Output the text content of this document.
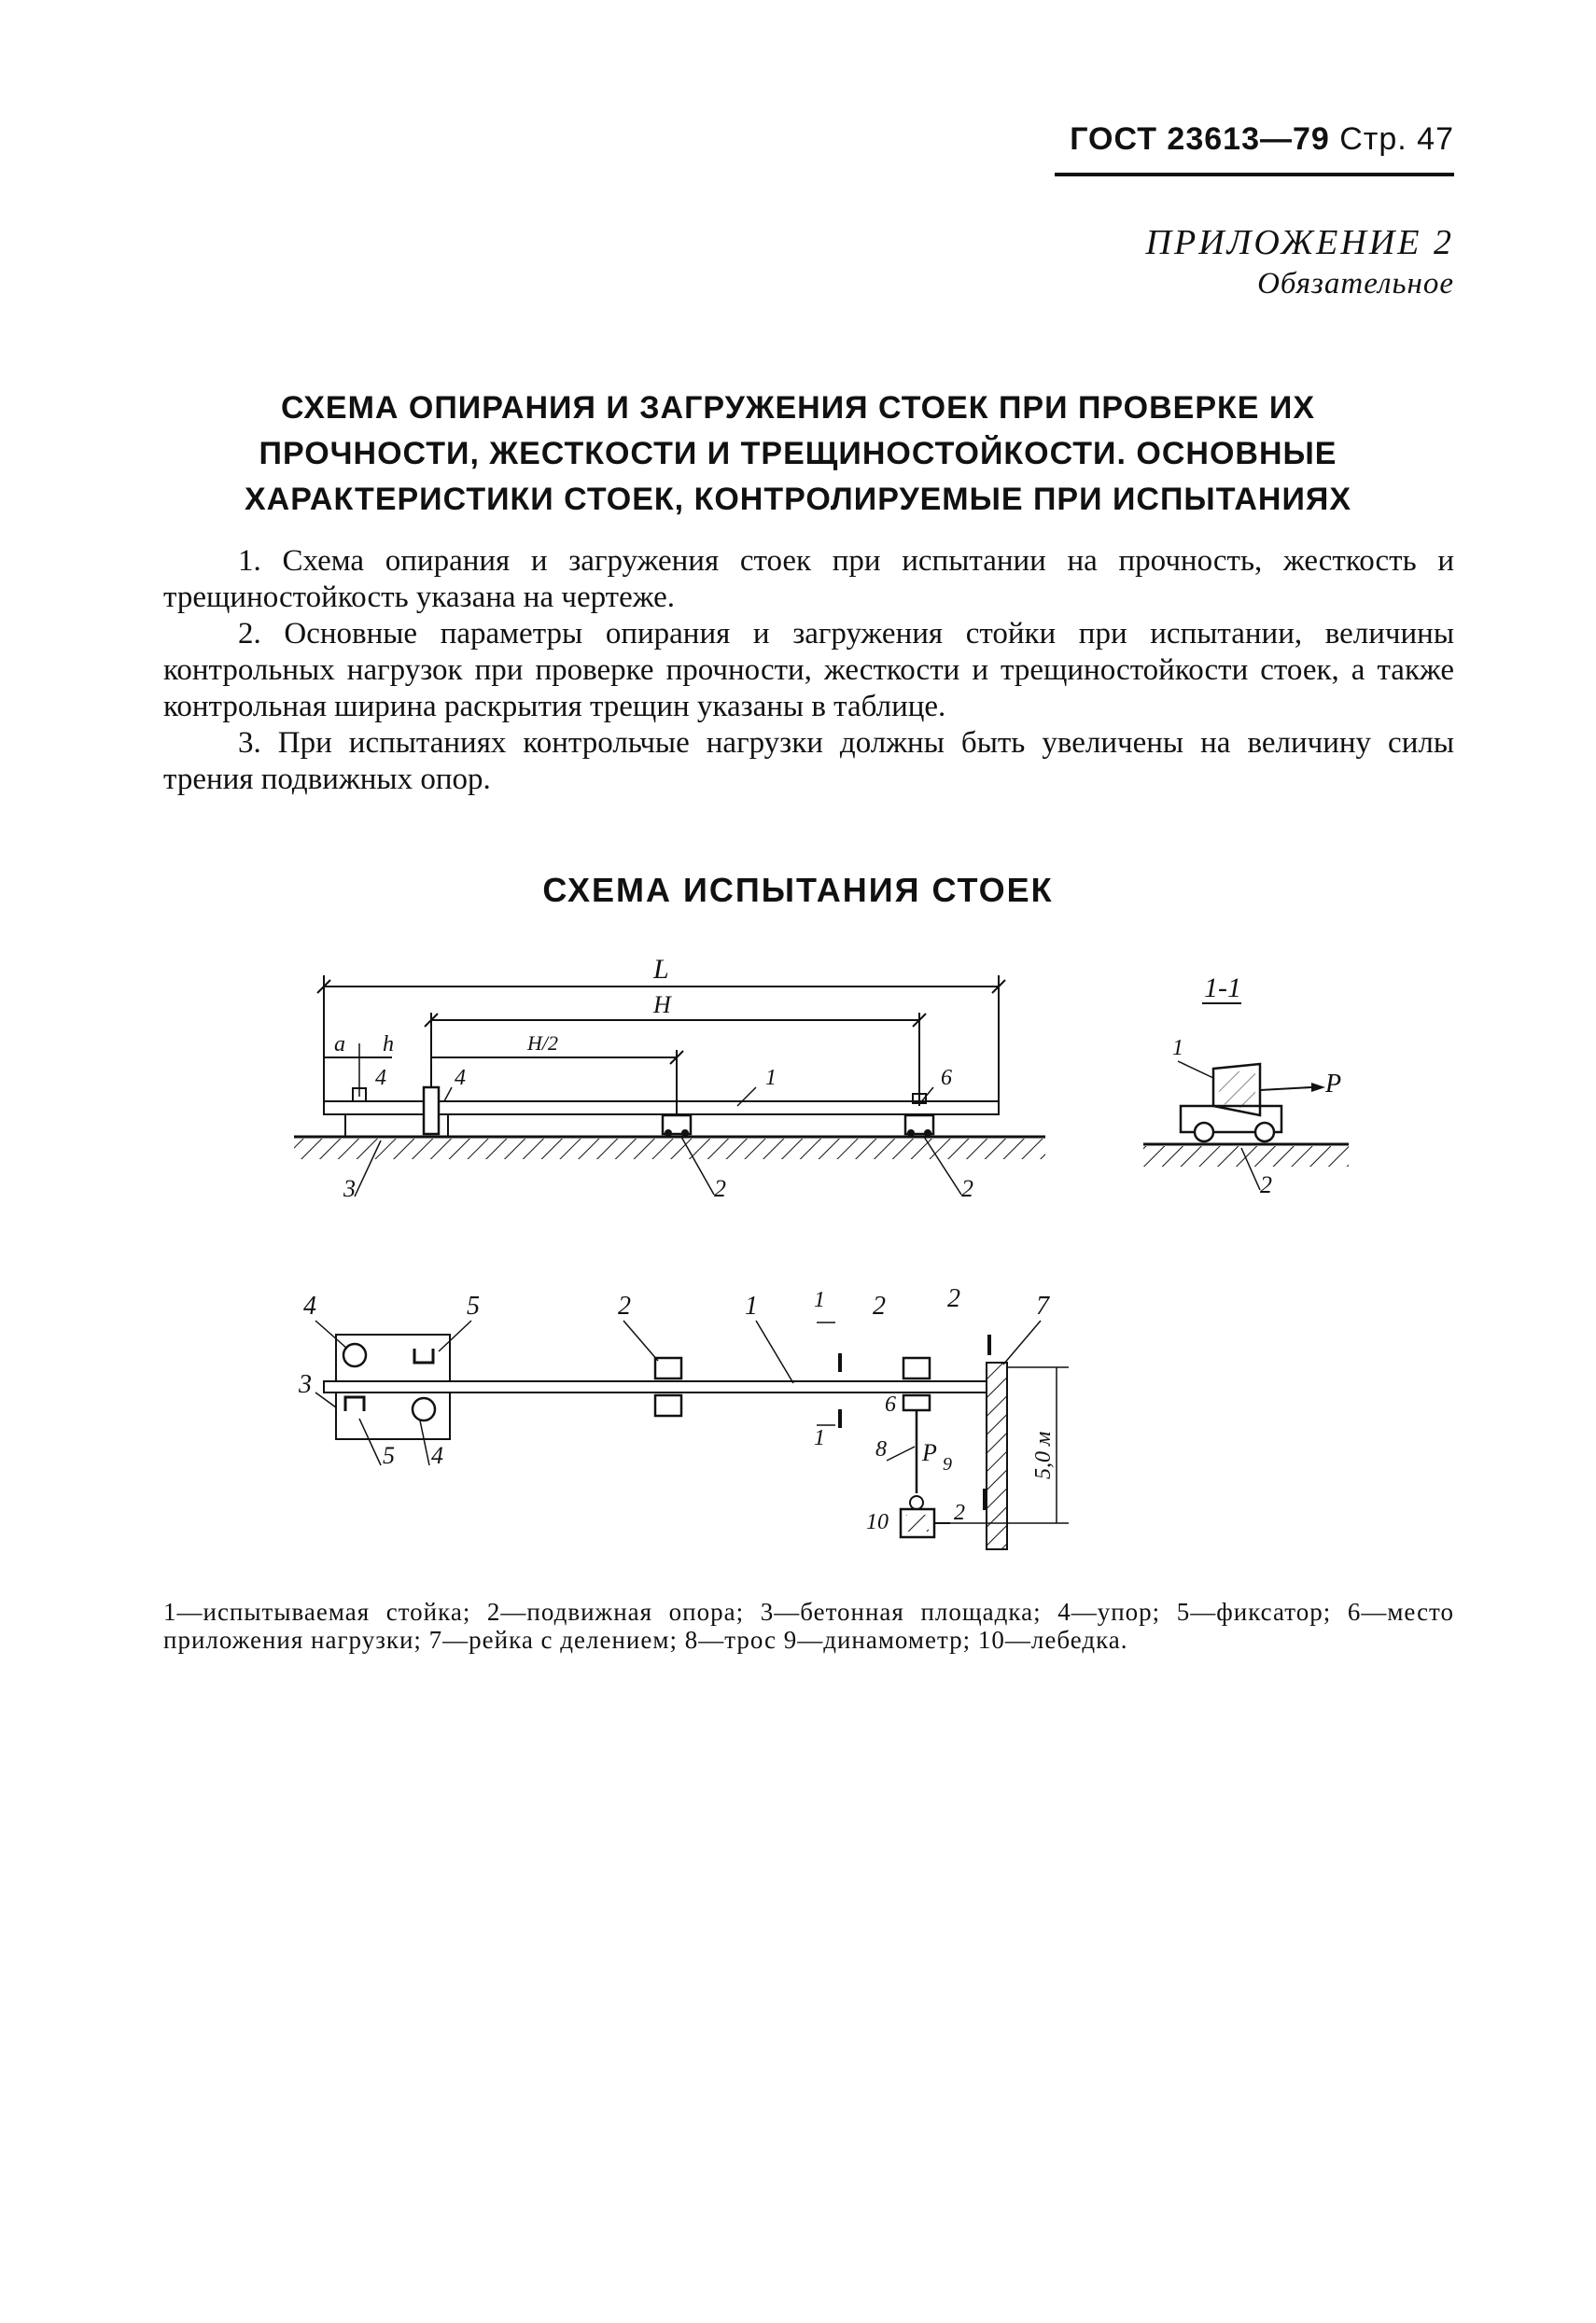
ГОСТ 23613—79 Стр. 47
ПРИЛОЖЕНИЕ 2
Обязательное
СХЕМА ОПИРАНИЯ И ЗАГРУЖЕНИЯ СТОЕК ПРИ ПРОВЕРКЕ ИХ
ПРОЧНОСТИ, ЖЕСТКОСТИ И ТРЕЩИНОСТОЙКОСТИ. ОСНОВНЫЕ
ХАРАКТЕРИСТИКИ СТОЕК, КОНТРОЛИРУЕМЫЕ ПРИ ИСПЫТАНИЯХ

1. Схема опирания и загружения стоек при испытании на прочность, жесткость и трещиностойкость указана на чертеже.

2. Основные параметры опирания и загружения стойки при испытании, величины контрольных нагрузок при проверке прочности, жесткости и трещиностойкости стоек, а также контрольная ширина раскрытия трещин указаны в таблице.

3. При испытаниях контрольчые нагрузки должны быть увеличены на величину силы трения подвижных опор.

СХЕМА ИСПЫТАНИЯ СТОЕК
L
H
H/2
a h
4	4
2	2
1	6
3
1-1
P
1
2
5,0 м
4	5
3
5 4
2	1	1
1
2 2	7
6
8 P 9
10	2
1—испытываемая стойка; 2—подвижная опора; 3—бетонная площадка; 4—упор; 5—фиксатор; 6—место приложения нагрузки; 7—рейка с делением; 8—трос 9—динамометр; 10—лебедка.
